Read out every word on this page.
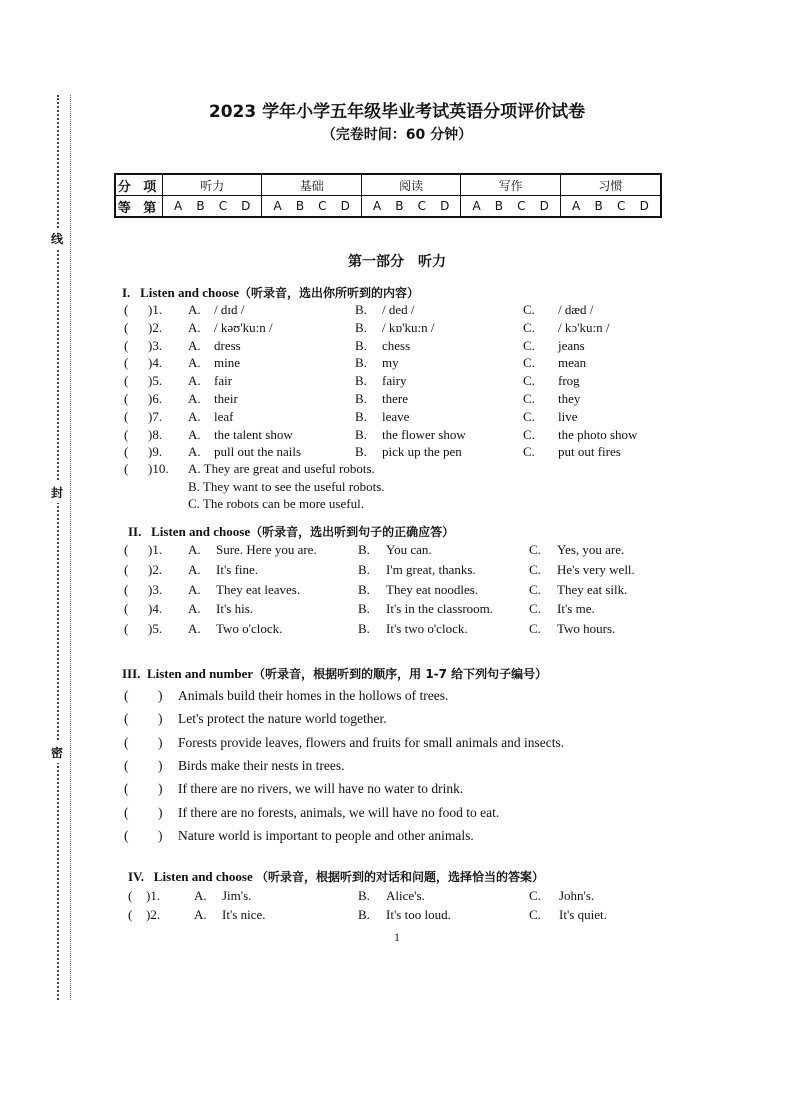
线
封
密
2023 学年小学五年级毕业考试英语分项评价试卷
（完卷时间：60 分钟）
分 项	听力	基础	阅读	写作	习惯
等 第	A B C D	A B C D	A B C D	A B C D	A B C D
第一部分　听力
I. Listen and choose（听录音，选出你所听到的内容）
( )1. A. / dɪd /	B. / ded /	C. / dæd /
( )2. A. / kəʊ'ku:n /	B. / kɒ'ku:n /	C. / kɔ'ku:n /
( )3. A. dress	B. chess	C. jeans
( )4. A. mine	B. my	C. mean
( )5. A. fair	B. fairy	C. frog
( )6. A. their	B. there	C. they
( )7. A. leaf	B. leave	C. live
( )8. A. the talent show	B. the flower show	C. the photo show
( )9. A. pull out the nails	B. pick up the pen	C. put out fires
( )10. A. They are great and useful robots.
B. They want to see the useful robots.
C. The robots can be more useful.
II. Listen and choose（听录音，选出听到句子的正确应答）
( )1. A. Sure. Here you are.	B. You can.	C. Yes, you are.
( )2. A. It's fine.	B. I'm great, thanks.	C. He's very well.
( )3. A. They eat leaves.	B. They eat noodles.	C. They eat silk.
( )4. A. It's his.	B. It's in the classroom.	C. It's me.
( )5. A. Two o'clock.	B. It's two o'clock.	C. Two hours.
III. Listen and number（听录音，根据听到的顺序，用 1-7 给下列句子编号）
( ) Animals build their homes in the hollows of trees.
( ) Let's protect the nature world together.
( ) Forests provide leaves, flowers and fruits for small animals and insects.
( ) Birds make their nests in trees.
( ) If there are no rivers, we will have no water to drink.
( ) If there are no forests, animals, we will have no food to eat.
( ) Nature world is important to people and other animals.
IV. Listen and choose （听录音，根据听到的对话和问题，选择恰当的答案）
( )1.	A. Jim's.	B. Alice's.	C. John's.
( )2.	A. It's nice.	B. It's too loud.	C. It's quiet.
1
